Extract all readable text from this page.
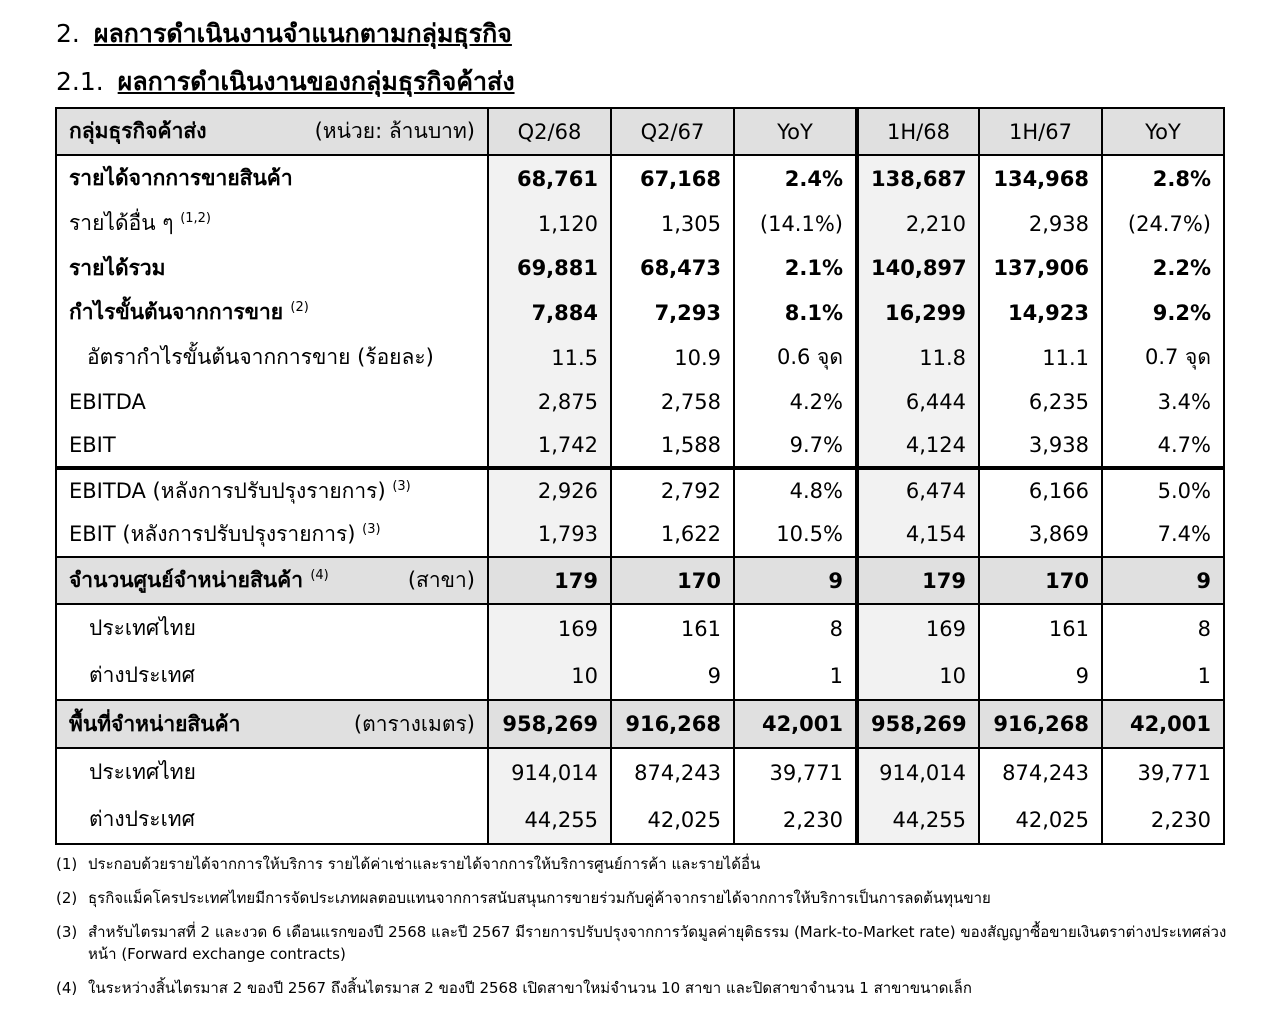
2. ผลการดำเนินงานจำแนกตามกลุ่มธุรกิจ
2.1. ผลการดำเนินงานของกลุ่มธุรกิจค้าส่ง
กลุ่มธุรกิจค้าส่ง (หน่วย: ล้านบาท)	Q2/68	Q2/67	YoY	1H/68	1H/67	YoY
รายได้จากการขายสินค้า	68,761	67,168	2.4%	138,687	134,968	2.8%
รายได้อื่น ๆ $^{(1,2)}$	1,120	1,305	(14.1%)	2,210	2,938	(24.7%)
รายได้รวม	69,881	68,473	2.1%	140,897	137,906	2.2%
กำไรขั้นต้นจากการขาย $^{(2)}$	7,884	7,293	8.1%	16,299	14,923	9.2%
อัตรากำไรขั้นต้นจากการขาย (ร้อยละ)	11.5	10.9	0.6 จุด	11.8	11.1	0.7 จุด
EBITDA	2,875	2,758	4.2%	6,444	6,235	3.4%
EBIT	1,742	1,588	9.7%	4,124	3,938	4.7%
EBITDA (หลังการปรับปรุงรายการ) $^{(3)}$	2,926	2,792	4.8%	6,474	6,166	5.0%
EBIT (หลังการปรับปรุงรายการ) $^{(3)}$	1,793	1,622	10.5%	4,154	3,869	7.4%
จำนวนศูนย์จำหน่ายสินค้า $^{(4)}$ (สาขา)	179	170	9	179	170	9
ประเทศไทย	169	161	8	169	161	8
ต่างประเทศ	10	9	1	10	9	1
พื้นที่จำหน่ายสินค้า (ตารางเมตร)	958,269	916,268	42,001	958,269	916,268	42,001
ประเทศไทย	914,014	874,243	39,771	914,014	874,243	39,771
ต่างประเทศ	44,255	42,025	2,230	44,255	42,025	2,230
(1) ประกอบด้วยรายได้จากการให้บริการ รายได้ค่าเช่าและรายได้จากการให้บริการศูนย์การค้า และรายได้อื่น
(2) ธุรกิจแม็คโครประเทศไทยมีการจัดประเภทผลตอบแทนจากการสนับสนุนการขายร่วมกับคู่ค้าจากรายได้จากการให้บริการเป็นการลดต้นทุนขาย
(3) สำหรับไตรมาสที่ 2 และงวด 6 เดือนแรกของปี 2568 และปี 2567 มีรายการปรับปรุงจากการวัดมูลค่ายุติธรรม (Mark-to-Market rate) ของสัญญาซื้อขายเงินตราต่างประเทศล่วงหน้า (Forward exchange contracts)
(4) ในระหว่างสิ้นไตรมาส 2 ของปี 2567 ถึงสิ้นไตรมาส 2 ของปี 2568 เปิดสาขาใหม่จำนวน 10 สาขา และปิดสาขาจำนวน 1 สาขาขนาดเล็ก
